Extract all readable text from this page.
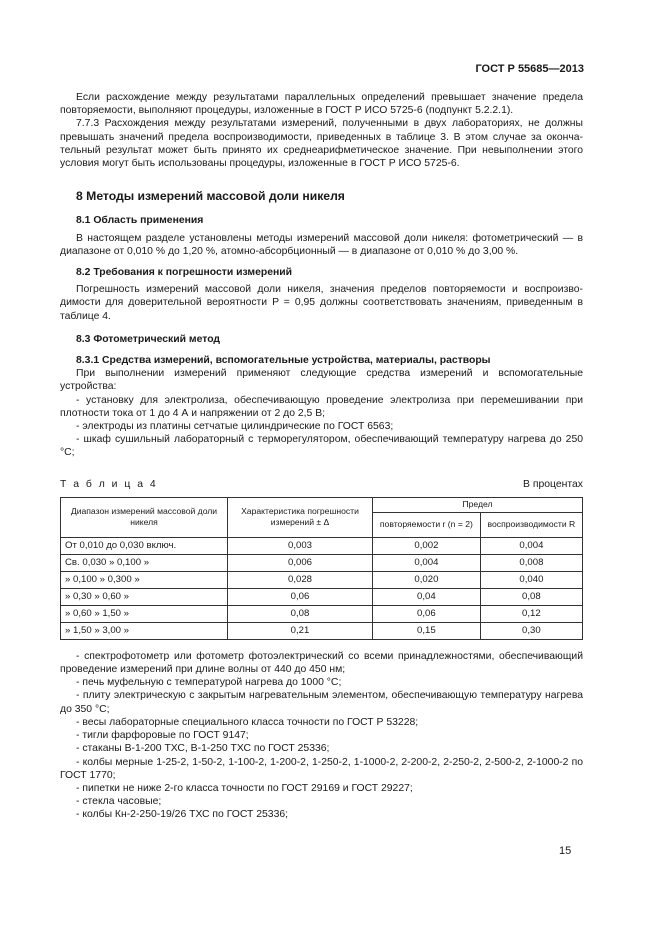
ГОСТ Р 55685—2013

Если расхождение между результатами параллельных определений превышает значение предела повторяемости, выполняют процедуры, изложенные в ГОСТ Р ИСО 5725-6 (подпункт 5.2.2.1).

7.7.3 Расхождения между результатами измерений, полученными в двух лабораториях, не должны превышать значений предела воспроизводимости, приведенных в таблице 3. В этом случае за окончательный результат может быть принято их среднеарифметическое значение. При невыполнении этого условия могут быть использованы процедуры, изложенные в ГОСТ Р ИСО 5725-6.

8 Методы измерений массовой доли никеля
8.1 Область применения

В настоящем разделе установлены методы измерений массовой доли никеля: фотометрический — в диапазоне от 0,010 % до 1,20 %, атомно-абсорбционный — в диапазоне от 0,010 % до 3,00 %.

8.2 Требования к погрешности измерений

Погрешность измерений массовой доли никеля, значения пределов повторяемости и воспроизводимости для доверительной вероятности P = 0,95 должны соответствовать значениям, приведенным в таблице 4.

8.3 Фотометрический метод
8.3.1 Средства измерений, вспомогательные устройства, материалы, растворы

При выполнении измерений применяют следующие средства измерений и вспомогательные устройства:

- установку для электролиза, обеспечивающую проведение электролиза при перемешивании при плотности тока от 1 до 4 А и напряжении от 2 до 2,5 В;

- электроды из платины сетчатые цилиндрические по ГОСТ 6563;

- шкаф сушильный лабораторный с терморегулятором, обеспечивающий температуру нагрева до 250 °С;

Т а б л и ц а 4	В процентах
Диапазон измерений массовой доли никеля	Характеристика погрешности измерений ± Δ	Предел	
		повторяемости r (n = 2)	воспроизводимости R
От 0,010 до 0,030 включ.	0,003	0,002	0,004
Св. 0,030 » 0,100 »	0,006	0,004	0,008
» 0,100 » 0,300 »	0,028	0,020	0,040
» 0,30 » 0,60 »	0,06	0,04	0,08
» 0,60 » 1,50 »	0,08	0,06	0,12
» 1,50 » 3,00 »	0,21	0,15	0,30

- спектрофотометр или фотометр фотоэлектрический со всеми принадлежностями, обеспечивающий проведение измерений при длине волны от 440 до 450 нм;

- печь муфельную с температурой нагрева до 1000 °С;

- плиту электрическую с закрытым нагревательным элементом, обеспечивающую температуру нагрева до 350 °С;

- весы лабораторные специального класса точности по ГОСТ Р 53228;

- тигли фарфоровые по ГОСТ 9147;

- стаканы В-1-200 ТХС, В-1-250 ТХС по ГОСТ 25336;

- колбы мерные 1-25-2, 1-50-2, 1-100-2, 1-200-2, 1-250-2, 1-1000-2, 2-200-2, 2-250-2, 2-500-2, 2-1000-2 по ГОСТ 1770;

- пипетки не ниже 2-го класса точности по ГОСТ 29169 и ГОСТ 29227;

- стекла часовые;

- колбы Кн-2-250-19/26 ТХС по ГОСТ 25336;

15
